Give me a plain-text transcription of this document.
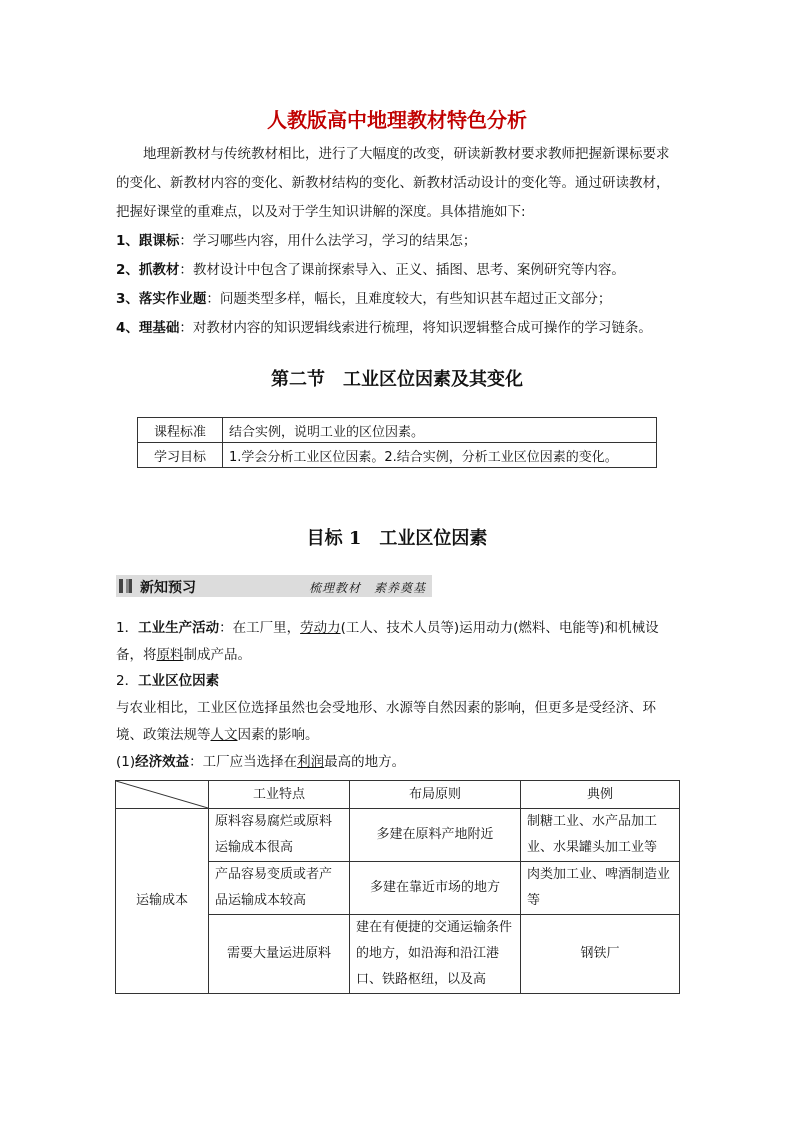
人教版高中地理教材特色分析
地理新教材与传统教材相比，进行了大幅度的改变，研读新教材要求教师把握新课标要求的变化、新教材内容的变化、新教材结构的变化、新教材活动设计的变化等。通过研读教材，把握好课堂的重难点，以及对于学生知识讲解的深度。具体措施如下:
1、跟课标：学习哪些内容，用什么法学习，学习的结果怎；
2、抓教材：教材设计中包含了课前探索导入、正义、插图、思考、案例研究等内容。
3、落实作业题：问题类型多样，幅长，且难度较大，有些知识甚车超过正文部分；
4、理基础：对教材内容的知识逻辑线索进行梳理，将知识逻辑整合成可操作的学习链条。
第二节　工业区位因素及其变化
课程标准	结合实例，说明工业的区位因素。
学习目标	1.学会分析工业区位因素。2.结合实例，分析工业区位因素的变化。
目标 1　工业区位因素
新知预习	梳理教材　素养奠基
1．工业生产活动：在工厂里，劳动力(工人、技术人员等)运用动力(燃料、电能等)和机械设备，将原料制成产品。
2．工业区位因素
与农业相比，工业区位选择虽然也会受地形、水源等自然因素的影响，但更多是受经济、环境、政策法规等人文因素的影响。
(1)经济效益：工厂应当选择在利润最高的地方。
	工业特点	布局原则	典例
运输成本	原料容易腐烂或原料运输成本很高	多建在原料产地附近	制糖工业、水产品加工业、水果罐头加工业等
	产品容易变质或者产品运输成本较高	多建在靠近市场的地方	肉类加工业、啤酒制造业等
	需要大量运进原料	建在有便捷的交通运输条件的地方，如沿海和沿江港口、铁路枢纽，以及高	钢铁厂
